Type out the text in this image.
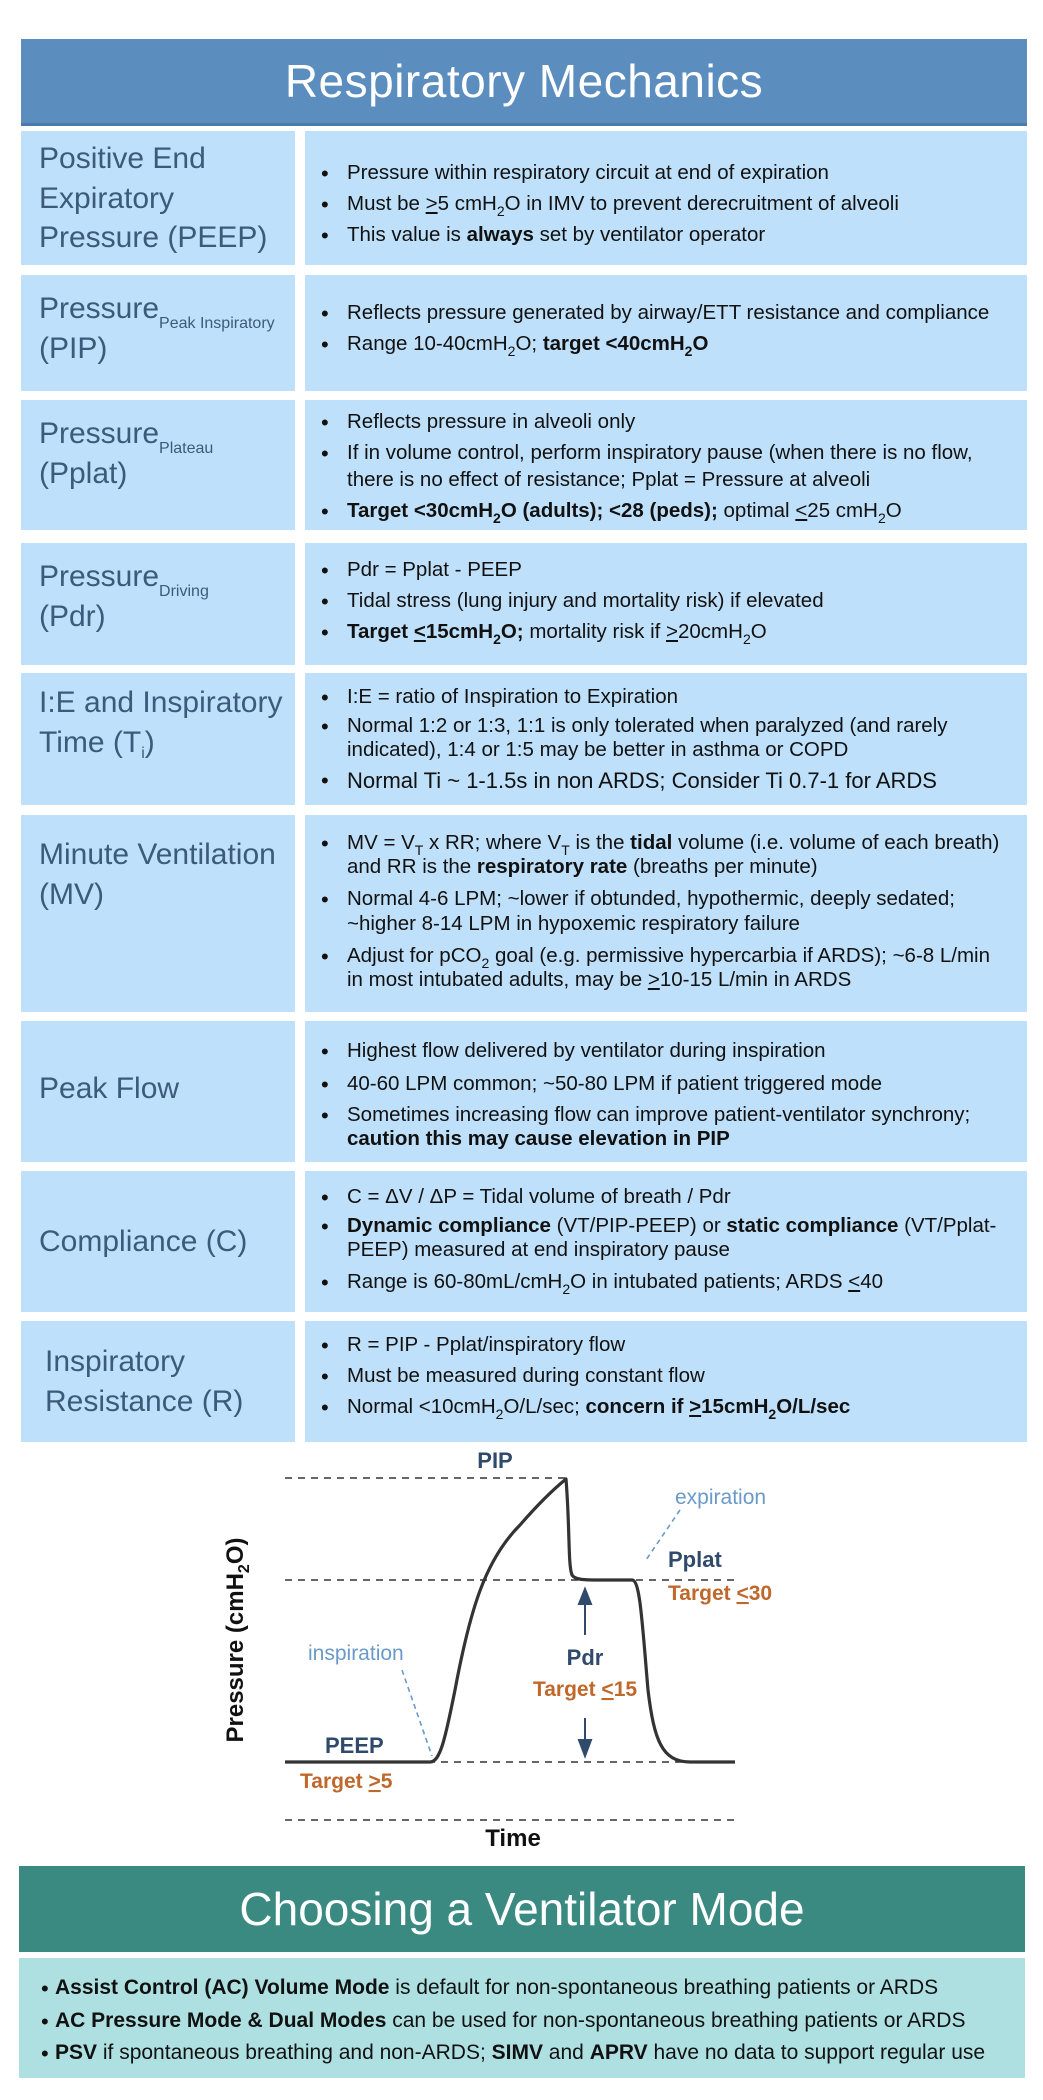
Respiratory Mechanics
Positive End Expiratory Pressure (PEEP)
• Pressure within respiratory circuit at end of expiration
• Must be >5 cmH$_2$O in IMV to prevent derecruitment of alveoli
• This value is always set by ventilator operator
Pressure$_{Peak Inspiratory}$
(PIP)
• Reflects pressure generated by airway/ETT resistance and compliance
• Range 10-40cmH$_2$O; target <40cmH$_2$O
Pressure$_{Plateau}$
(Pplat)
• Reflects pressure in alveoli only
• If in volume control, perform inspiratory pause (when there is no flow, there is no effect of resistance; Pplat = Pressure at alveoli
• Target <30cmH$_2$O (adults); <28 (peds); optimal <25 cmH$_2$O
Pressure$_{Driving}$
(Pdr)
• Pdr = Pplat - PEEP
• Tidal stress (lung injury and mortality risk) if elevated
• Target <15cmH$_2$O; mortality risk if >20cmH$_2$O
I:E and Inspiratory Time $(T_i)$
• I:E = ratio of Inspiration to Expiration
• Normal 1:2 or 1:3, 1:1 is only tolerated when paralyzed (and rarely indicated), 1:4 or 1:5 may be better in asthma or COPD
• Normal Ti ~ 1-1.5s in non ARDS; Consider Ti 0.7-1 for ARDS
Minute Ventilation (MV)
• MV = $V_T$ x RR; where $V_T$ is the tidal volume (i.e. volume of each breath) and RR is the respiratory rate (breaths per minute)
• Normal 4-6 LPM; ~lower if obtunded, hypothermic, deeply sedated; ~higher 8-14 LPM in hypoxemic respiratory failure
• Adjust for pCO$_2$ goal (e.g. permissive hypercarbia if ARDS); ~6-8 L/min in most intubated adults, may be >10-15 L/min in ARDS
Peak Flow
• Highest flow delivered by ventilator during inspiration
• 40-60 LPM common; ~50-80 LPM if patient triggered mode
• Sometimes increasing flow can improve patient-ventilator synchrony; caution this may cause elevation in PIP
Compliance (C)
• C = ΔV / ΔP = Tidal volume of breath / Pdr
• Dynamic compliance (VT/PIP-PEEP) or static compliance (VT/Pplat-PEEP) measured at end inspiratory pause
• Range is 60-80mL/cmH$_2$O in intubated patients; ARDS <40
Inspiratory Resistance (R)
• R = PIP - Pplat/inspiratory flow
• Must be measured during constant flow
• Normal <10cmH$_2$O/L/sec; concern if >15cmH$_2$O/L/sec
Pressure (cmH$_2$O)
Time
PIP
expiration
Pplat
Target <30
inspiration	Pdr
Target <15
PEEP
Target >5
Choosing a Ventilator Mode
• Assist Control (AC) Volume Mode is default for non-spontaneous breathing patients or ARDS
• AC Pressure Mode & Dual Modes can be used for non-spontaneous breathing patients or ARDS
• PSV if spontaneous breathing and non-ARDS; SIMV and APRV have no data to support regular use
